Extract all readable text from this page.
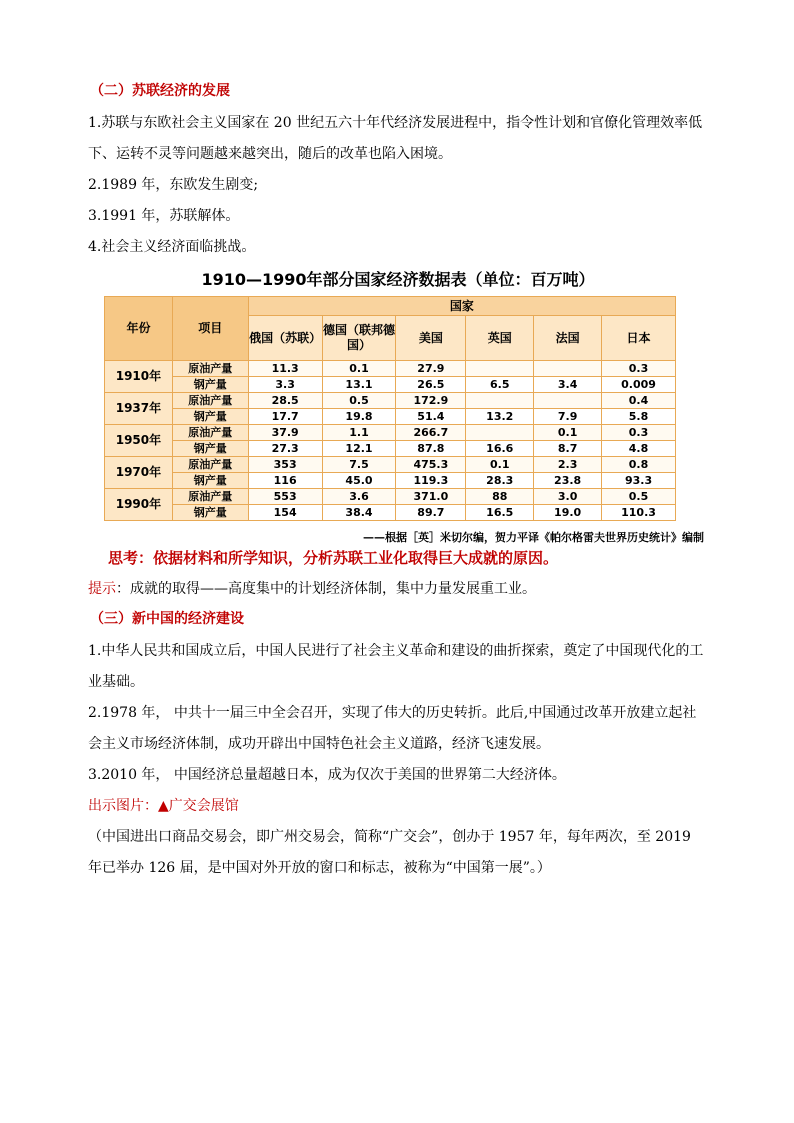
（二）苏联经济的发展

1.苏联与东欧社会主义国家在 20 世纪五六十年代经济发展进程中，指令性计划和官僚化管理效率低下、运转不灵等问题越来越突出，随后的改革也陷入困境。

2.1989 年，东欧发生剧变;

3.1991 年，苏联解体。

4.社会主义经济面临挑战。

1910—1990年部分国家经济数据表（单位：百万吨）
年份	项目	国家					
		俄国（苏联）	德国（联邦德国）	美国	英国	法国	日本
1910年	原油产量	11.3	0.1	27.9			0.3
	钢产量	3.3	13.1	26.5	6.5	3.4	0.009
1937年	原油产量	28.5	0.5	172.9			0.4
	钢产量	17.7	19.8	51.4	13.2	7.9	5.8
1950年	原油产量	37.9	1.1	266.7		0.1	0.3
	钢产量	27.3	12.1	87.8	16.6	8.7	4.8
1970年	原油产量	353	7.5	475.3	0.1	2.3	0.8
	钢产量	116	45.0	119.3	28.3	23.8	93.3
1990年	原油产量	553	3.6	371.0	88	3.0	0.5
	钢产量	154	38.4	89.7	16.5	19.0	110.3
——根据［英］米切尔编，贺力平译《帕尔格雷夫世界历史统计》编制
思考：依据材料和所学知识，分析苏联工业化取得巨大成就的原因。

提示：成就的取得——高度集中的计划经济体制，集中力量发展重工业。

（三）新中国的经济建设

1.中华人民共和国成立后，中国人民进行了社会主义革命和建设的曲折探索，奠定了中国现代化的工业基础。

2.1978 年， 中共十一届三中全会召开，实现了伟大的历史转折。此后,中国通过改革开放建立起社会主义市场经济体制，成功开辟出中国特色社会主义道路，经济飞速发展。

3.2010 年， 中国经济总量超越日本，成为仅次于美国的世界第二大经济体。

出示图片：▲广交会展馆

（中国进出口商品交易会，即广州交易会，简称“广交会”，创办于 1957 年，每年两次，至 2019 年已举办 126 届，是中国对外开放的窗口和标志，被称为“中国第一展”。）
